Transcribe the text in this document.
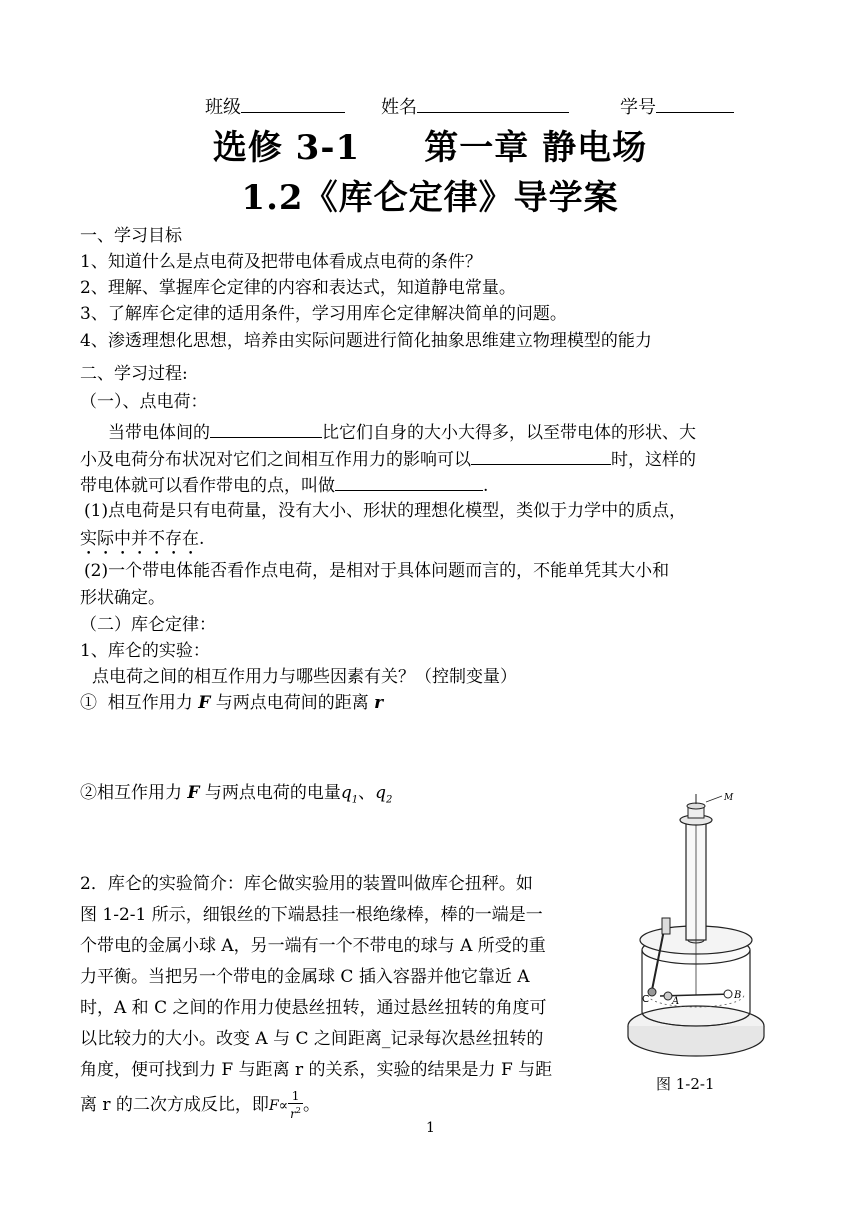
班级	姓名	学号
选修 3-1     第一章 静电场
1.2《库仑定律》导学案
一、学习目标
1、知道什么是点电荷及把带电体看成点电荷的条件？
2、理解、掌握库仑定律的内容和表达式，知道静电常量。
3、了解库仑定律的适用条件，学习用库仑定律解决简单的问题。
4、渗透理想化思想，培养由实际问题进行简化抽象思维建立物理模型的能力
二、学习过程:
（一）、点电荷：
当带电体间的	比它们自身的大小大得多，以至带电体的形状、大
小及电荷分布状况对它们之间相互作用力的影响可以	时，这样的
带电体就可以看作带电的点，叫做	.
(1)点电荷是只有电荷量，没有大小、形状的理想化模型，类似于力学中的质点，
实际中并不存在.
(2)一个带电体能否看作点电荷，是相对于具体问题而言的，不能单凭其大小和
形状确定。
（二）库仑定律：
1、库仑的实验：
点电荷之间的相互作用力与哪些因素有关？（控制变量）
①  相互作用力 F 与两点电荷间的距离 r
②相互作用力 F 与两点电荷的电量$q_1$、$q_2$
2．库仑的实验简介：库仑做实验用的装置叫做库仑扭秤。如
图 1-2-1 所示，细银丝的下端悬挂一根绝缘棒，棒的一端是一
个带电的金属小球 A，另一端有一个不带电的球与 A 所受的重
力平衡。当把另一个带电的金属球 C 插入容器并他它靠近 A
时，A 和 C 之间的作用力使悬丝扭转，通过悬丝扭转的角度可
以比较力的大小。改变 A 与 C 之间距离_记录每次悬丝扭转的
角度，便可找到力 F 与距离 r 的关系，实验的结果是力 F 与距
离 r 的二次方成反比，即$F\propto \frac{1}{r^2}$ 。
M
C A
B
图 1-2-1
1
